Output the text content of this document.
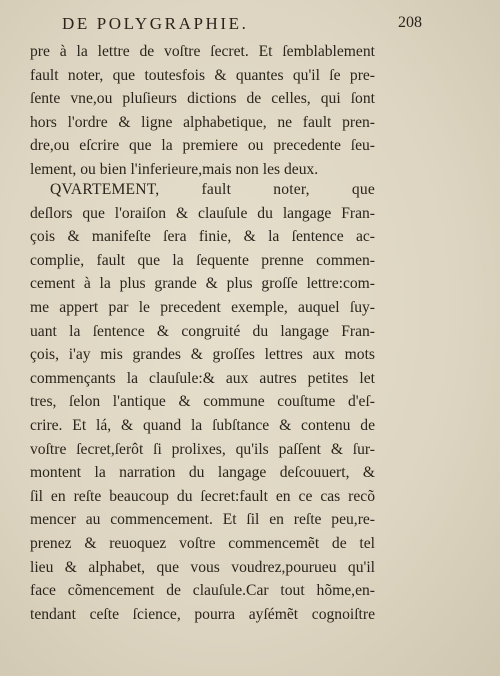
DE POLYGRAPHIE.	208
pre à la lettre de voſtre ſecret. Et ſemblablement
fault noter, que toutesfois & quantes qu'il ſe pre-
ſente vne,ou pluſieurs dictions de celles, qui ſont
hors l'ordre & ligne alphabetique, ne fault pren-
dre,ou eſcrire que la premiere ou precedente ſeu-
lement, ou bien l'inferieure,mais non les deux.
QVARTEMENT, fault noter, que
deſlors que l'oraiſon & clauſule du langage Fran-
çois & manifeſte ſera finie, & la ſentence ac-
complie, fault que la ſequente prenne commen-
cement à la plus grande & plus groſſe lettre:com-
me appert par le precedent exemple, auquel ſuy-
uant la ſentence & congruité du langage Fran-
çois, i'ay mis grandes & groſſes lettres aux mots
commençants la clauſule:& aux autres petites let
tres, ſelon l'antique & commune couſtume d'eſ-
crire. Et lá, & quand la ſubſtance & contenu de
voſtre ſecret,ſerôt ſi prolixes, qu'ils paſſent & ſur-
montent la narration du langage deſcouuert, &
ſil en reſte beaucoup du ſecret:fault en ce cas recõ
mencer au commencement. Et ſil en reſte peu,re-
prenez & reuoquez voſtre commencemẽt de tel
lieu & alphabet, que vous voudrez,pourueu qu'il
face cõmencement de clauſule.Car tout hõme,en-
tendant ceſte ſcience, pourra ayſémẽt cognoiſtre
